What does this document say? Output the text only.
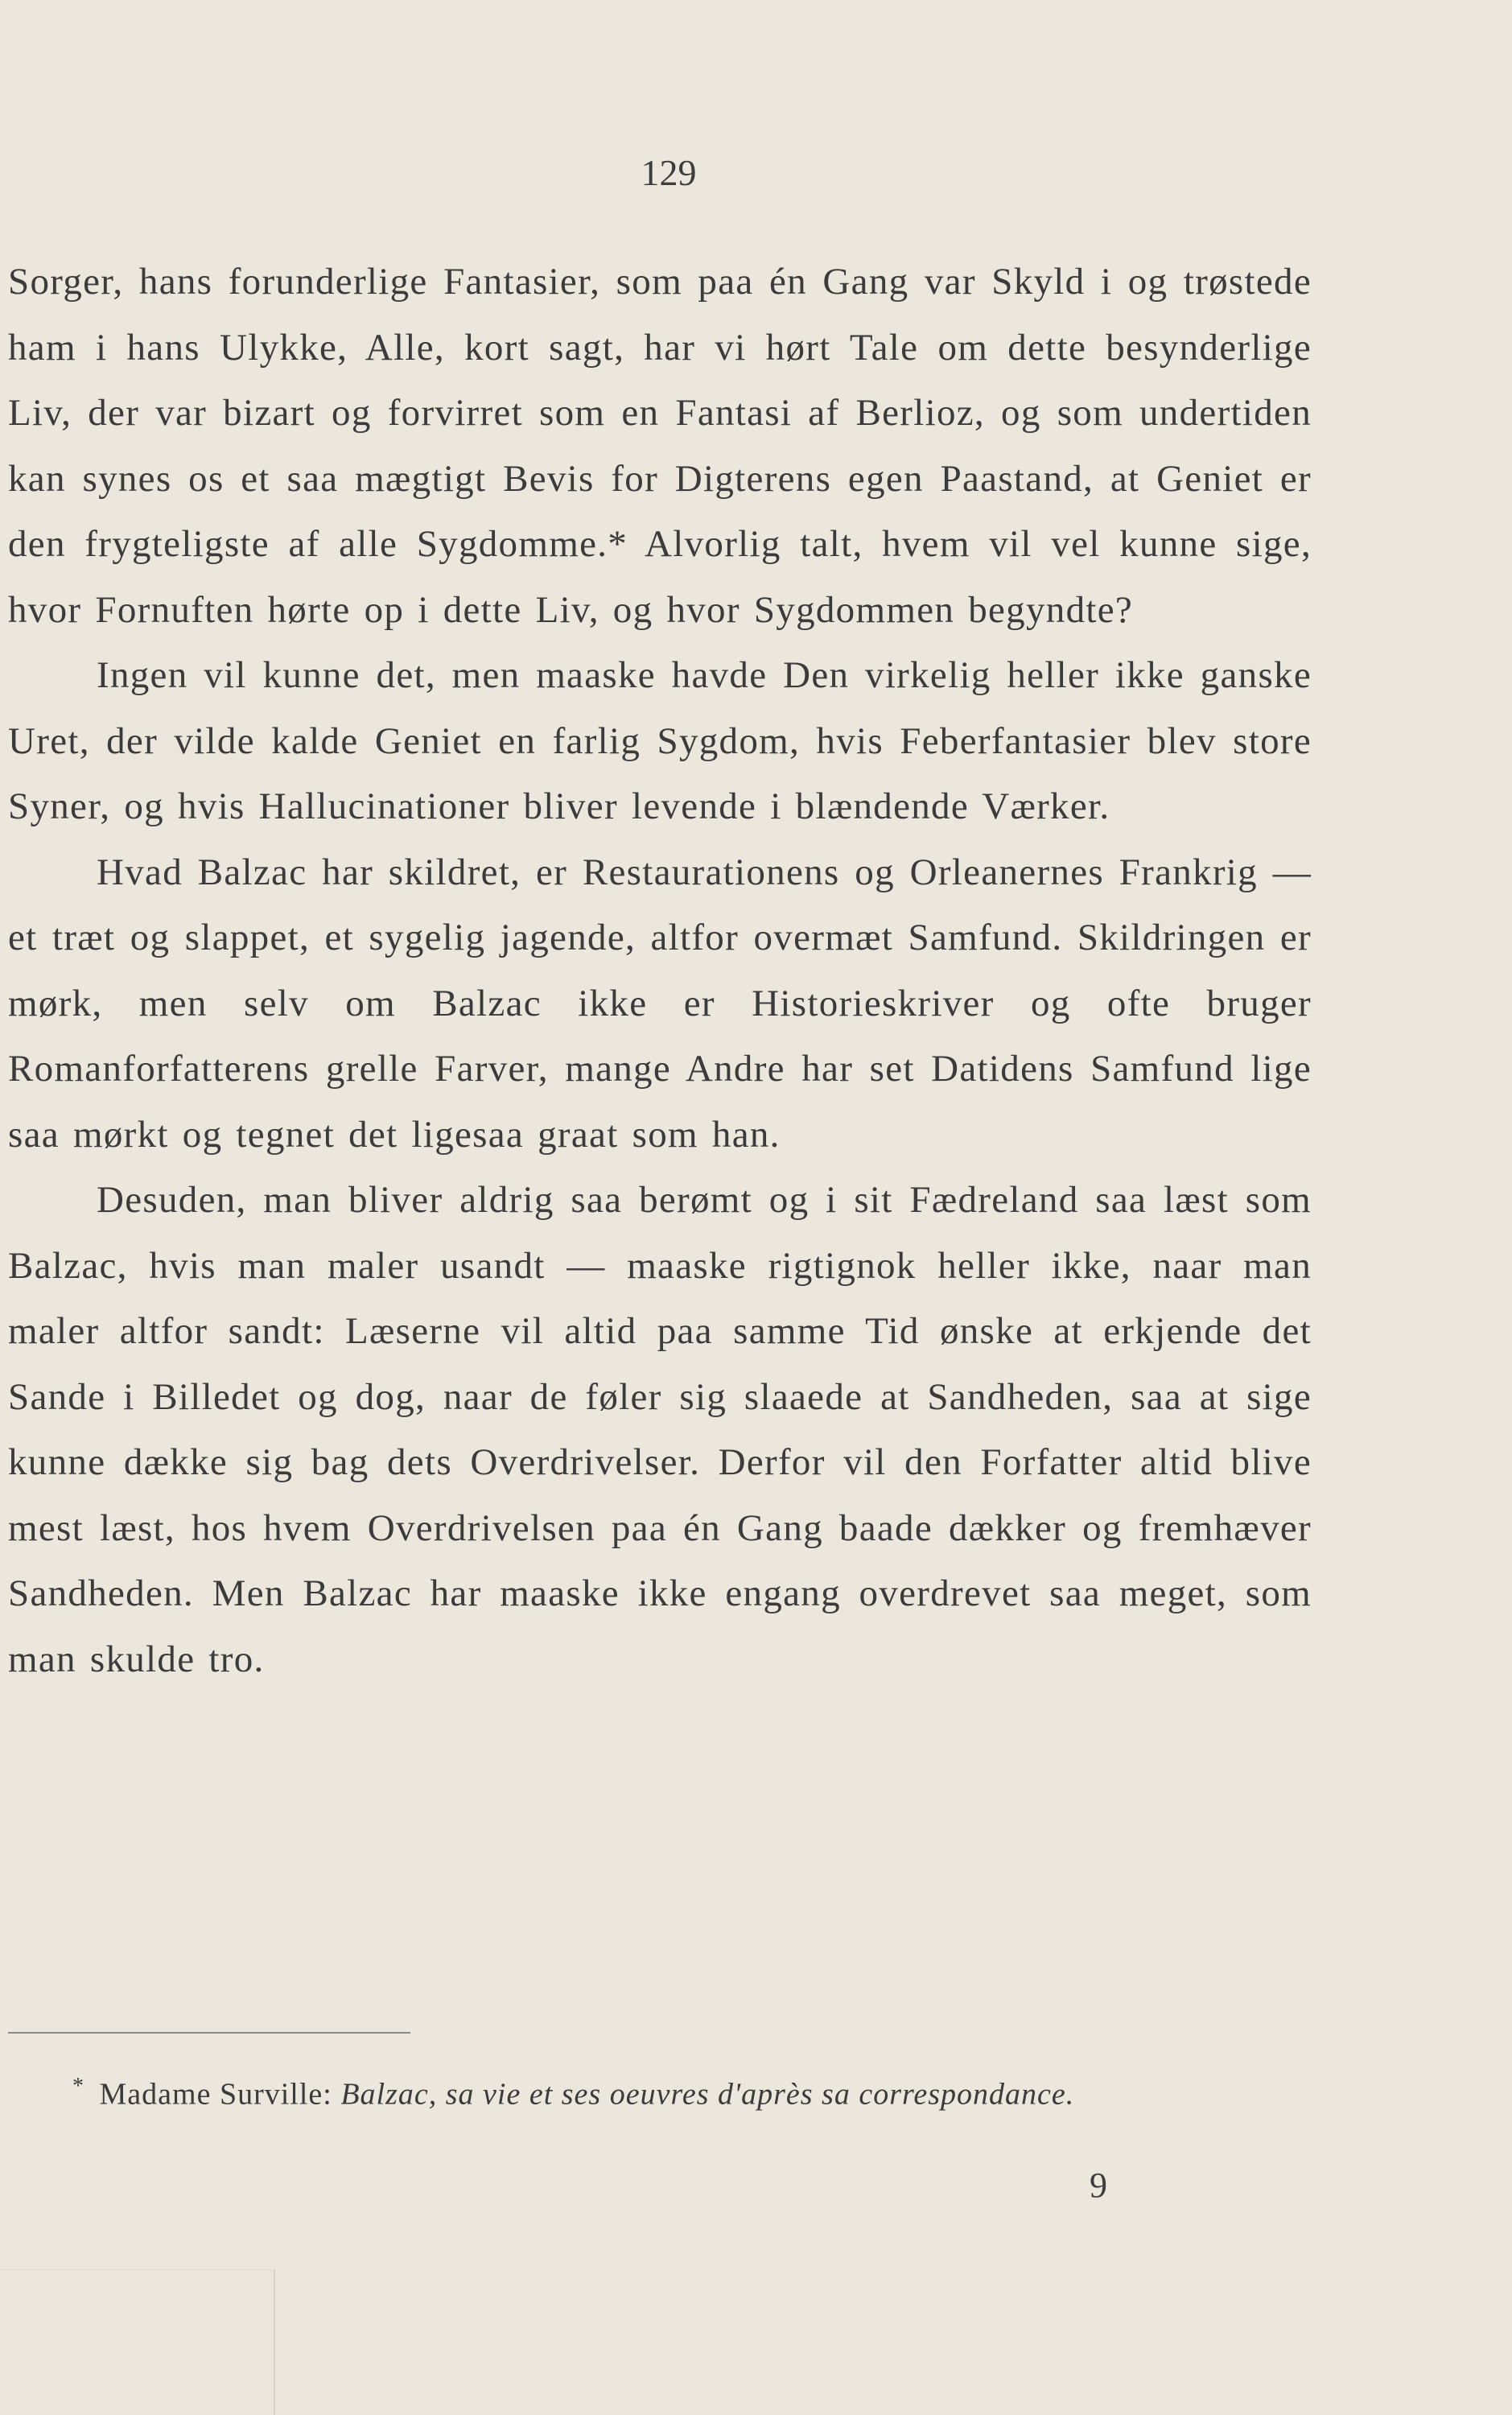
129

Sorger, hans forunderlige Fantasier, som paa én Gang var Skyld i og trøstede ham i hans Ulykke, Alle, kort sagt, har vi hørt Tale om dette besynderlige Liv, der var bizart og forvirret som en Fantasi af Berlioz, og som undertiden kan synes os et saa mægtigt Bevis for Digterens egen Paastand, at Geniet er den frygteligste af alle Sygdomme.* Alvorlig talt, hvem vil vel kunne sige, hvor Fornuften hørte op i dette Liv, og hvor Sygdommen begyndte?

Ingen vil kunne det, men maaske havde Den virkelig heller ikke ganske Uret, der vilde kalde Geniet en farlig Sygdom, hvis Feberfantasier blev store Syner, og hvis Hallucinationer bliver levende i blændende Værker.

Hvad Balzac har skildret, er Restaurationens og Orleanernes Frankrig — et træt og slappet, et sygelig jagende, altfor overmæt Samfund. Skildringen er mørk, men selv om Balzac ikke er Historieskriver og ofte bruger Romanforfatterens grelle Farver, mange Andre har set Datidens Samfund lige saa mørkt og tegnet det ligesaa graat som han.

Desuden, man bliver aldrig saa berømt og i sit Fædreland saa læst som Balzac, hvis man maler usandt — maaske rigtignok heller ikke, naar man maler altfor sandt: Læserne vil altid paa samme Tid ønske at erkjende det Sande i Billedet og dog, naar de føler sig slaaede at Sandheden, saa at sige kunne dække sig bag dets Overdrivelser. Derfor vil den Forfatter altid blive mest læst, hos hvem Overdrivelsen paa én Gang baade dækker og fremhæver Sandheden. Men Balzac har maaske ikke engang overdrevet saa meget, som man skulde tro.

* Madame Surville: Balzac, sa vie et ses oeuvres d'après sa correspondance.
9
